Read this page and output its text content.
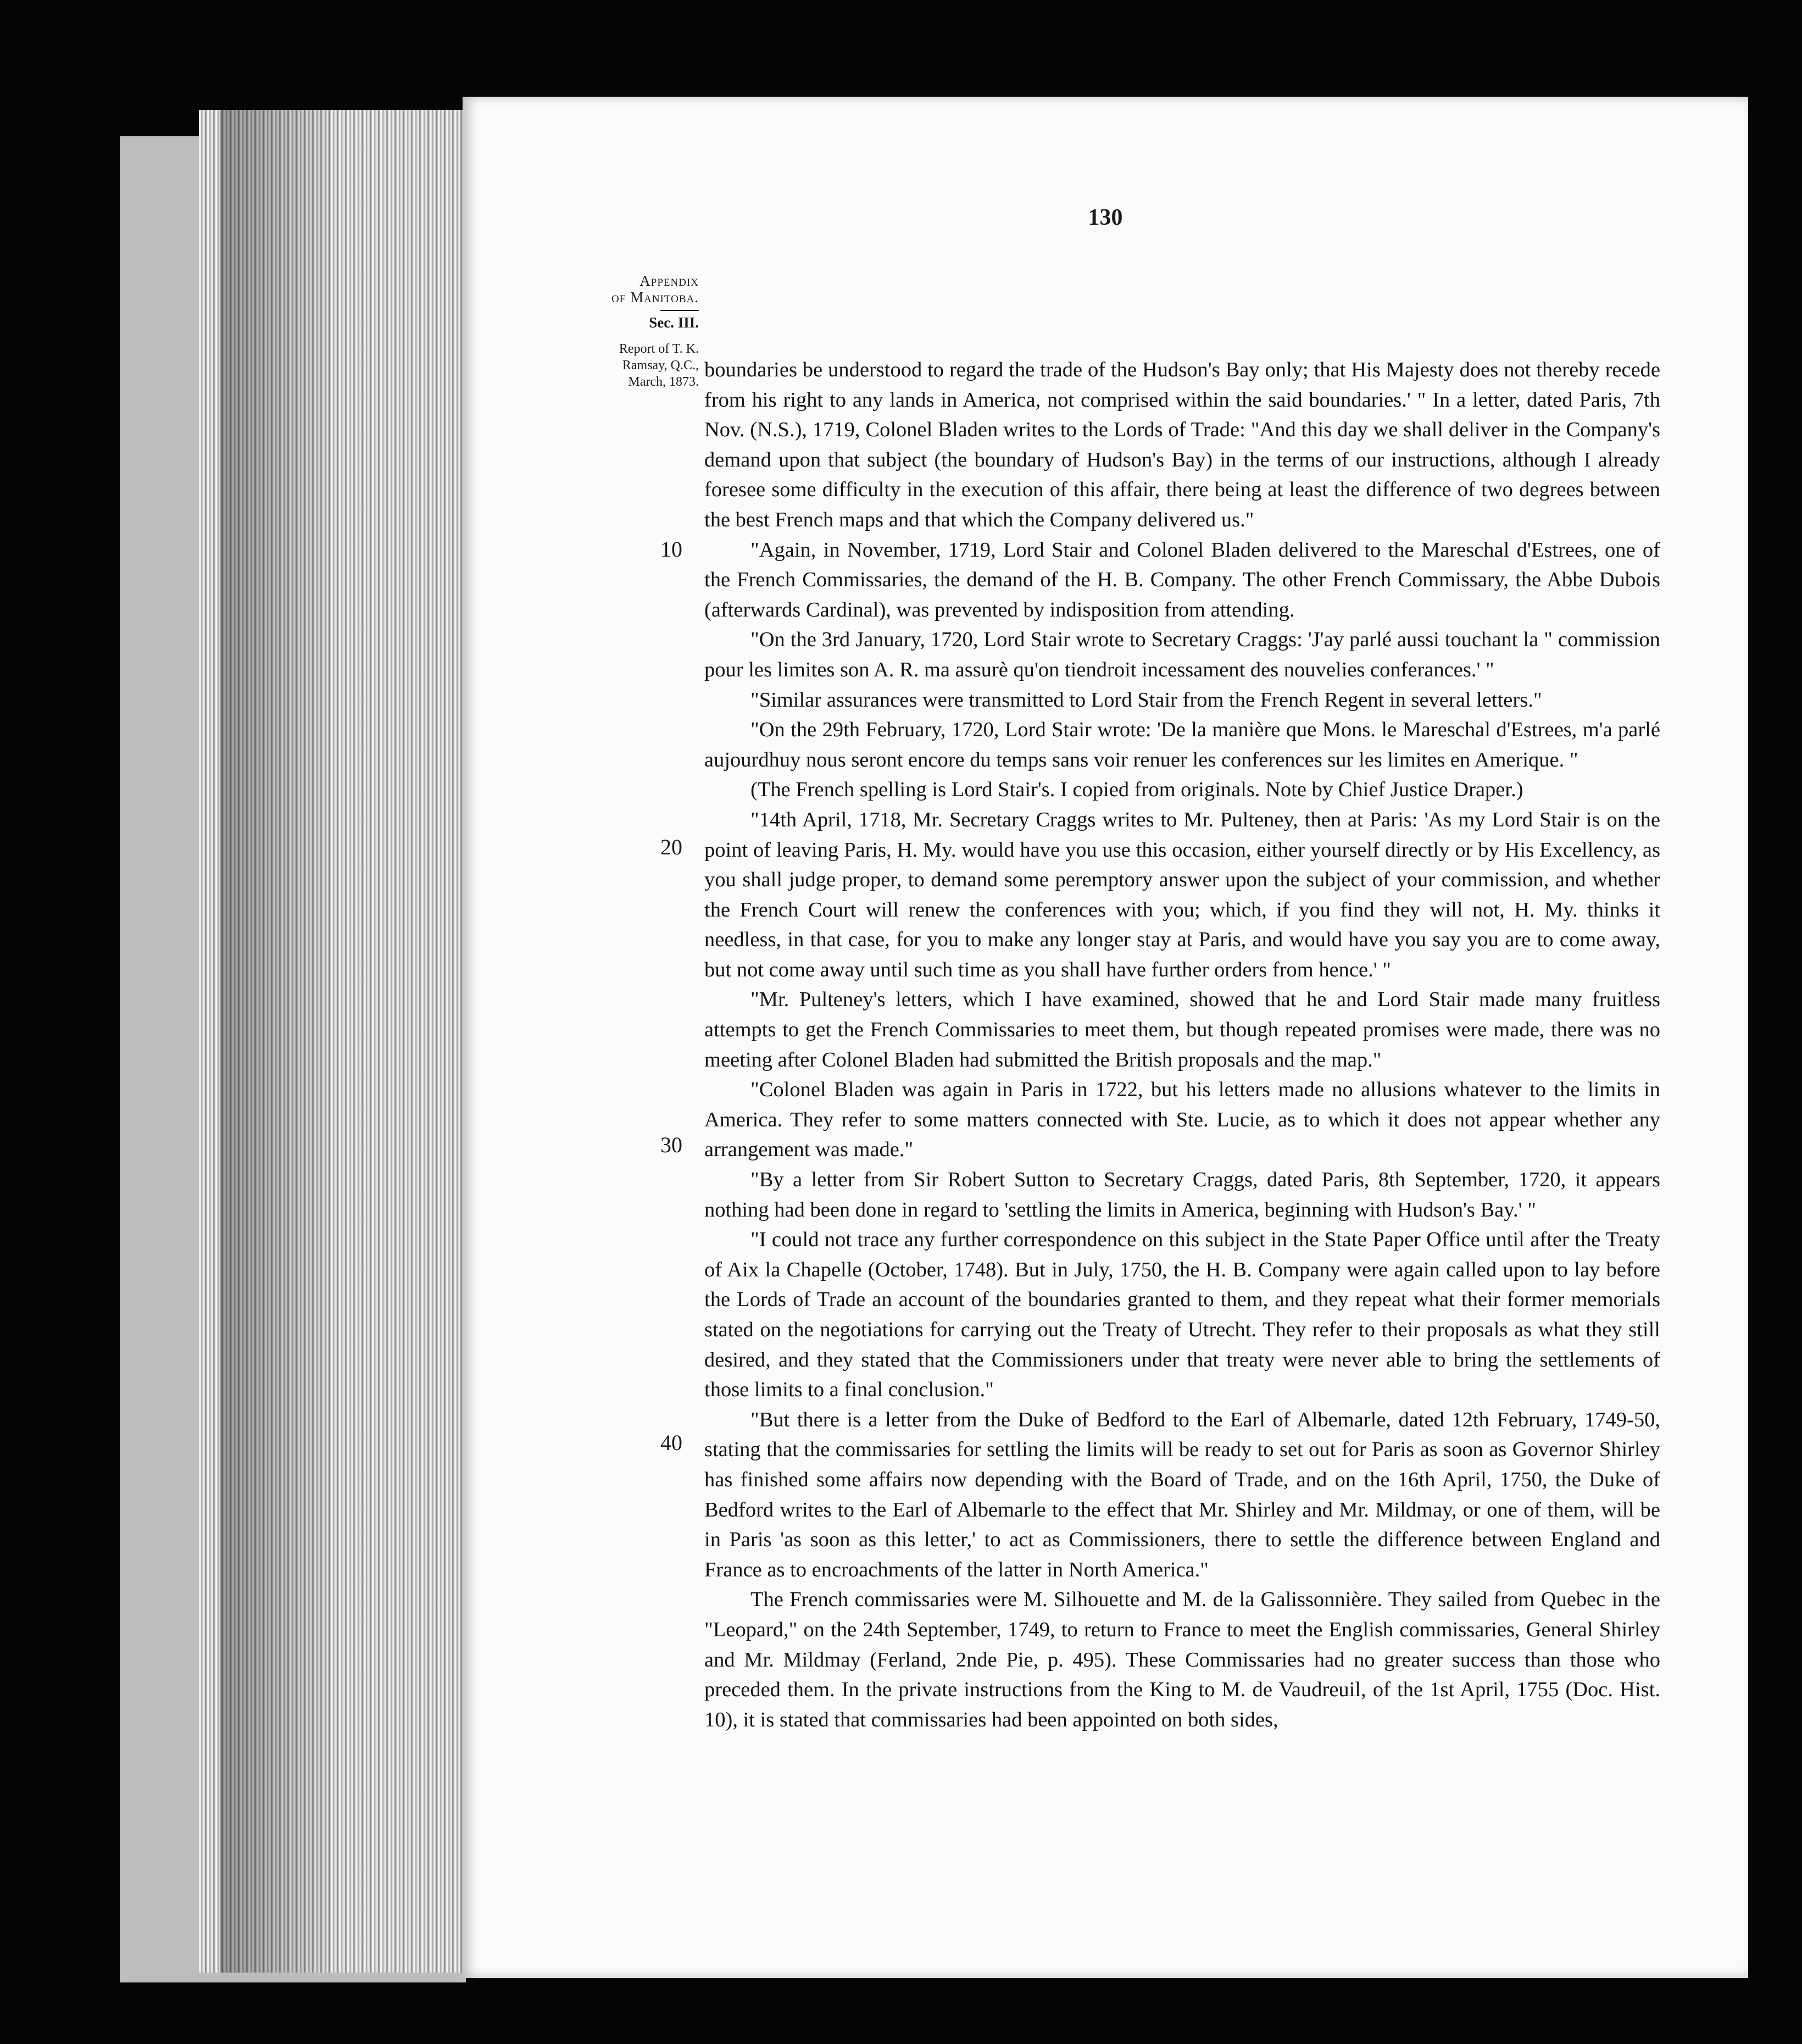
130
Appendix
of Manitoba.
Sec. III.
Report of T. K.
Ramsay, Q.C.,
March, 1873.
10
20
30
40

boundaries be understood to regard the trade of the Hudson's Bay only; that His Majesty does not thereby recede from his right to any lands in America, not comprised within the said boundaries.' " In a letter, dated Paris, 7th Nov. (N.S.), 1719, Colonel Bladen writes to the Lords of Trade: "And this day we shall deliver in the Company's demand upon that subject (the boundary of Hudson's Bay) in the terms of our instructions, although I already foresee some difficulty in the execution of this affair, there being at least the difference of two degrees between the best French maps and that which the Company delivered us."

"Again, in November, 1719, Lord Stair and Colonel Bladen delivered to the Mareschal d'Estrees, one of the French Commissaries, the demand of the H. B. Company. The other French Commissary, the Abbe Dubois (afterwards Cardinal), was prevented by indisposition from attending.

"On the 3rd January, 1720, Lord Stair wrote to Secretary Craggs: 'J'ay parlé aussi touchant la " commission pour les limites son A. R. ma assurè qu'on tiendroit incessament des nouvelies conferances.' "

"Similar assurances were transmitted to Lord Stair from the French Regent in several letters."

"On the 29th February, 1720, Lord Stair wrote: 'De la manière que Mons. le Mareschal d'Estrees, m'a parlé aujourdhuy nous seront encore du temps sans voir renuer les conferences sur les limites en Amerique. "

(The French spelling is Lord Stair's. I copied from originals. Note by Chief Justice Draper.)

"14th April, 1718, Mr. Secretary Craggs writes to Mr. Pulteney, then at Paris: 'As my Lord Stair is on the point of leaving Paris, H. My. would have you use this occasion, either yourself directly or by His Excellency, as you shall judge proper, to demand some peremptory answer upon the subject of your commission, and whether the French Court will renew the conferences with you; which, if you find they will not, H. My. thinks it needless, in that case, for you to make any longer stay at Paris, and would have you say you are to come away, but not come away until such time as you shall have further orders from hence.' "

"Mr. Pulteney's letters, which I have examined, showed that he and Lord Stair made many fruitless attempts to get the French Commissaries to meet them, but though repeated promises were made, there was no meeting after Colonel Bladen had submitted the British proposals and the map."

"Colonel Bladen was again in Paris in 1722, but his letters made no allusions whatever to the limits in America. They refer to some matters connected with Ste. Lucie, as to which it does not appear whether any arrangement was made."

"By a letter from Sir Robert Sutton to Secretary Craggs, dated Paris, 8th September, 1720, it appears nothing had been done in regard to 'settling the limits in America, beginning with Hudson's Bay.' "

"I could not trace any further correspondence on this subject in the State Paper Office until after the Treaty of Aix la Chapelle (October, 1748). But in July, 1750, the H. B. Company were again called upon to lay before the Lords of Trade an account of the boundaries granted to them, and they repeat what their former memorials stated on the negotiations for carrying out the Treaty of Utrecht. They refer to their proposals as what they still desired, and they stated that the Commissioners under that treaty were never able to bring the settlements of those limits to a final conclusion."

"But there is a letter from the Duke of Bedford to the Earl of Albemarle, dated 12th February, 1749-50, stating that the commissaries for settling the limits will be ready to set out for Paris as soon as Governor Shirley has finished some affairs now depending with the Board of Trade, and on the 16th April, 1750, the Duke of Bedford writes to the Earl of Albemarle to the effect that Mr. Shirley and Mr. Mildmay, or one of them, will be in Paris 'as soon as this letter,' to act as Commissioners, there to settle the difference between England and France as to encroachments of the latter in North America."

The French commissaries were M. Silhouette and M. de la Galissonnière. They sailed from Quebec in the "Leopard," on the 24th September, 1749, to return to France to meet the English commissaries, General Shirley and Mr. Mildmay (Ferland, 2nde Pie, p. 495). These Commissaries had no greater success than those who preceded them. In the private instructions from the King to M. de Vaudreuil, of the 1st April, 1755 (Doc. Hist. 10), it is stated that commissaries had been appointed on both sides,
